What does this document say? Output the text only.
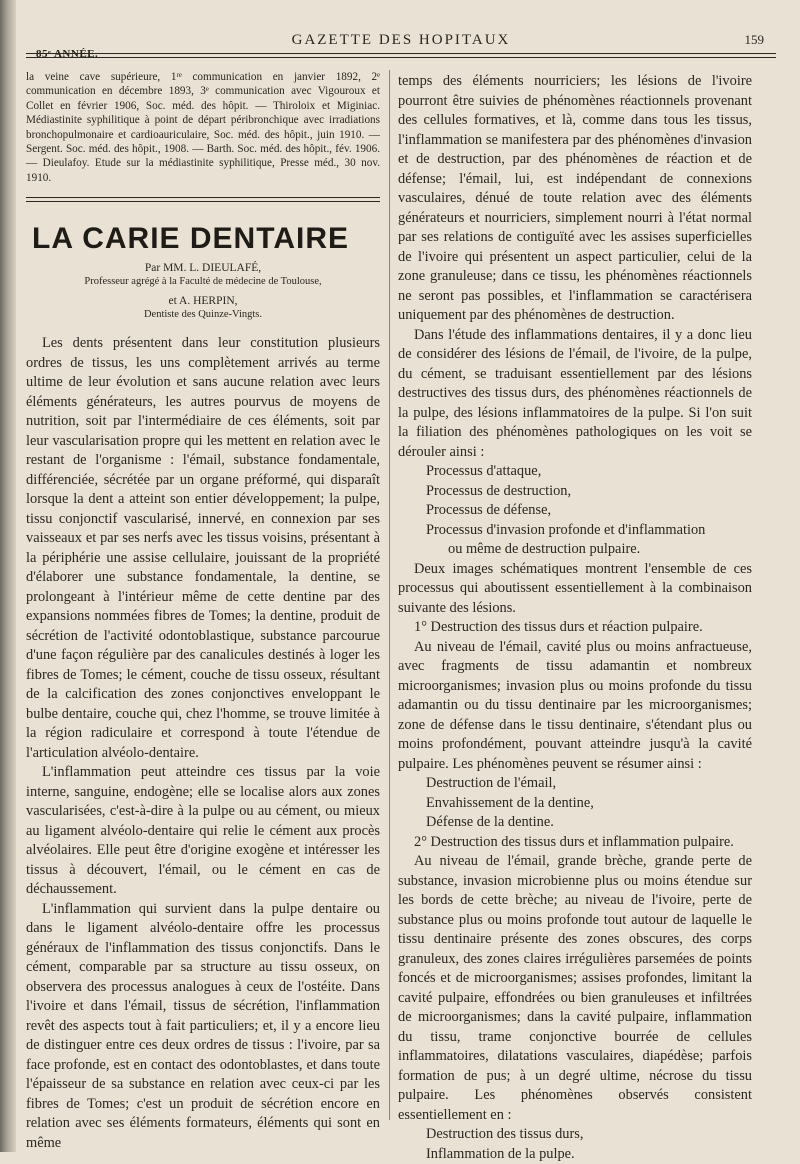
85ᵉ ANNÉE.
GAZETTE DES HOPITAUX	159

la veine cave supérieure, 1ʳᵉ communication en janvier 1892, 2ᵉ communication en décembre 1893, 3ᵉ communication avec Vigouroux et Collet en février 1906, Soc. méd. des hôpit. — Thiroloix et Miginiac. Médiastinite syphilitique à point de départ péribronchique avec irradiations bronchopulmonaire et cardioauriculaire, Soc. méd. des hôpit., juin 1910. — Sergent. Soc. méd. des hôpit., 1908. — Barth. Soc. méd. des hôpit., fév. 1906. — Dieulafoy. Etude sur la médiastinite syphilitique, Presse méd., 30 nov. 1910.

LA CARIE DENTAIRE
Par MM. L. DIEULAFÉ,
Professeur agrégé à la Faculté de médecine de Toulouse,
et A. HERPIN,
Dentiste des Quinze-Vingts.

Les dents présentent dans leur constitution plusieurs ordres de tissus, les uns complètement arrivés au terme ultime de leur évolution et sans aucune relation avec leurs éléments générateurs, les autres pourvus de moyens de nutrition, soit par l'intermédiaire de ces éléments, soit par leur vascularisation propre qui les mettent en relation avec le restant de l'organisme : l'émail, substance fondamentale, différenciée, sécrétée par un organe préformé, qui disparaît lorsque la dent a atteint son entier développement; la pulpe, tissu conjonctif vascularisé, innervé, en connexion par ses vaisseaux et par ses nerfs avec les tissus voisins, présentant à la périphérie une assise cellulaire, jouissant de la propriété d'élaborer une substance fondamentale, la dentine, se prolongeant à l'intérieur même de cette dentine par des expansions nommées fibres de Tomes; la dentine, produit de sécrétion de l'activité odontoblastique, substance parcourue d'une façon régulière par des canalicules destinés à loger les fibres de Tomes; le cément, couche de tissu osseux, résultant de la calcification des zones conjonctives enveloppant le bulbe dentaire, couche qui, chez l'homme, se trouve limitée à la région radiculaire et correspond à toute l'étendue de l'articulation alvéolo-dentaire.

L'inflammation peut atteindre ces tissus par la voie interne, sanguine, endogène; elle se localise alors aux zones vascularisées, c'est-à-dire à la pulpe ou au cément, ou mieux au ligament alvéolo-dentaire qui relie le cément aux procès alvéolaires. Elle peut être d'origine exogène et intéresser les tissus à découvert, l'émail, ou le cément en cas de déchaussement.

L'inflammation qui survient dans la pulpe dentaire ou dans le ligament alvéolo-dentaire offre les processus généraux de l'inflammation des tissus conjonctifs. Dans le cément, comparable par sa structure au tissu osseux, on observera des processus analogues à ceux de l'ostéite. Dans l'ivoire et dans l'émail, tissus de sécrétion, l'inflammation revêt des aspects tout à fait particuliers; et, il y a encore lieu de distinguer entre ces deux ordres de tissus : l'ivoire, par sa face profonde, est en contact des odontoblastes, et dans toute l'épaisseur de sa substance en relation avec ceux-ci par les fibres de Tomes; c'est un produit de sécrétion encore en relation avec ses éléments formateurs, éléments qui sont en même

temps des éléments nourriciers; les lésions de l'ivoire pourront être suivies de phénomènes réactionnels provenant des cellules formatives, et là, comme dans tous les tissus, l'inflammation se manifestera par des phénomènes d'invasion et de destruction, par des phénomènes de réaction et de défense; l'émail, lui, est indépendant de connexions vasculaires, dénué de toute relation avec des éléments générateurs et nourriciers, simplement nourri à l'état normal par ses relations de contiguïté avec les assises superficielles de l'ivoire qui présentent un aspect particulier, celui de la zone granuleuse; dans ce tissu, les phénomènes réactionnels ne seront pas possibles, et l'inflammation se caractérisera uniquement par des phénomènes de destruction.

Dans l'étude des inflammations dentaires, il y a donc lieu de considérer des lésions de l'émail, de l'ivoire, de la pulpe, du cément, se traduisant essentiellement par des lésions destructives des tissus durs, des phénomènes réactionnels de la pulpe, des lésions inflammatoires de la pulpe. Si l'on suit la filiation des phénomènes pathologiques on les voit se dérouler ainsi :

Processus d'attaque,
Processus de destruction,
Processus de défense,
Processus d'invasion profonde et d'inflammation
ou même de destruction pulpaire.

Deux images schématiques montrent l'ensemble de ces processus qui aboutissent essentiellement à la combinaison suivante des lésions.

1° Destruction des tissus durs et réaction pulpaire.

Au niveau de l'émail, cavité plus ou moins anfractueuse, avec fragments de tissu adamantin et nombreux microorganismes; invasion plus ou moins profonde du tissu adamantin ou du tissu dentinaire par les microorganismes; zone de défense dans le tissu dentinaire, s'étendant plus ou moins profondément, pouvant atteindre jusqu'à la cavité pulpaire. Les phénomènes peuvent se résumer ainsi :

Destruction de l'émail,
Envahissement de la dentine,
Défense de la dentine.

2° Destruction des tissus durs et inflammation pulpaire.

Au niveau de l'émail, grande brèche, grande perte de substance, invasion microbienne plus ou moins étendue sur les bords de cette brèche; au niveau de l'ivoire, perte de substance plus ou moins profonde tout autour de laquelle le tissu dentinaire présente des zones obscures, des corps granuleux, des zones claires irrégulières parsemées de points foncés et de microorganismes; assises profondes, limitant la cavité pulpaire, effondrées ou bien granuleuses et infiltrées de microorganismes; dans la cavité pulpaire, inflammation du tissu, trame conjonctive bourrée de cellules inflammatoires, dilatations vasculaires, diapédèse; parfois formation de pus; à un degré ultime, nécrose du tissu pulpaire. Les phénomènes observés consistent essentiellement en :

Destruction des tissus durs,
Inflammation de la pulpe.
